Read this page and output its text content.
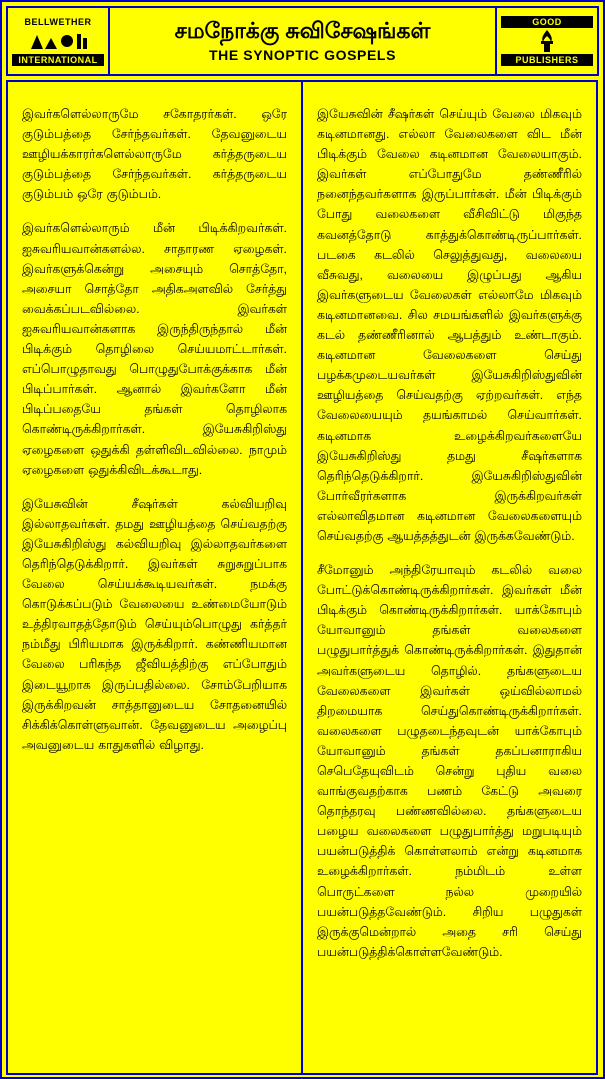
BELLWETHER
INTERNATIONAL
சமநோக்கு சுவிசேஷங்கள்
THE SYNOPTIC GOSPELS
GOOD
PUBLISHERS

இவர்களெல்லாருமே சகோதரர்கள். ஒரே குடும்பத்தை சேர்ந்தவர்கள். தேவனுடைய ஊழியக்காரர்களெல்லாருமே கர்த்தருடைய குடும்பத்தை சேர்ந்தவர்கள். கர்த்தருடைய குடும்பம் ஒரே குடும்பம்.

இவர்களெல்லாரும் மீன் பிடிக்கிறவர்கள். ஐசுவரியவான்களல்ல. சாதாரண ஏழைகள். இவர்களுக்கென்று அசையும் சொத்தோ, அசையா சொத்தோ அதிகஅளவில் சேர்த்து வைக்கப்படவில்லை. இவர்கள் ஐசுவரியவான்களாக இருந்திருந்தால் மீன் பிடிக்கும் தொழிலை செய்யமாட்டார்கள். எப்பொழுதாவது பொழுதுபோக்குக்காக மீன் பிடிப்பார்கள். ஆனால் இவர்களோ மீன் பிடிப்பதையே தங்கள் தொழிலாக கொண்டிருக்கிறார்கள். இயேசுகிறிஸ்து ஏழைகளை ஒதுக்கி தள்ளிவிடவில்லை. நாமும் ஏழைகளை ஒதுக்கிவிடக்கூடாது.

இயேசுவின் சீஷர்கள் கல்வியறிவு இல்லாதவர்கள். தமது ஊழியத்தை செய்வதற்கு இயேசுகிறிஸ்து கல்வியறிவு இல்லாதவர்களை தெரிந்தெடுக்கிறார். இவர்கள் சுறுசுறுப்பாக வேலை செய்யக்கூடியவர்கள். நமக்கு கொடுக்கப்படும் வேலையை உண்மையோடும் உத்திரவாதத்தோடும் செய்யும்பொழுது கர்த்தர் நம்மீது பிரியமாக இருக்கிறார். கண்ணியமான வேலை பரிகந்த ஜீவியத்திற்கு எப்போதும் இடையூறாக இருப்பதில்லை. சோம்பேறியாக இருக்கிறவன் சாத்தானுடைய சோதனையில் சிக்கிக்கொள்ளுவான். தேவனுடைய அழைப்பு அவனுடைய காதுகளில் விழாது.

இயேசுவின் சீஷர்கள் செய்யும் வேலை மிகவும் கடினமானது. எல்லா வேலைகளை விட மீன் பிடிக்கும் வேலை கடினமான வேலையாகும். இவர்கள் எப்போதுமே தண்ணீரில் நனைந்தவர்களாக இருப்பார்கள். மீன் பிடிக்கும் போது வலைகளை வீசிவிட்டு மிகுந்த கவனத்தோடு காத்துக்கொண்டிருப்பார்கள். படகை கடலில் செலுத்துவது, வலையை வீசுவது, வலையை இழுப்பது ஆகிய இவர்களுடைய வேலைகள் எல்லாமே மிகவும் கடினமானவை. சில சமயங்களில் இவர்களுக்கு கடல் தண்ணீரினால் ஆபத்தும் உண்டாகும். கடினமான வேலைகளை செய்து பழக்கமுடையவர்கள் இயேசுகிறிஸ்துவின் ஊழியத்தை செய்வதற்கு ஏற்றவர்கள். எந்த வேலையையும் தயங்காமல் செய்வார்கள். கடினமாக உழைக்கிறவர்களையே இயேசுகிறிஸ்து தமது சீஷர்களாக தெரிந்தெடுக்கிறார். இயேசுகிறிஸ்துவின் போர்வீரர்களாக இருக்கிறவர்கள் எல்லாவிதமான கடினமான வேலைகளையும் செய்வதற்கு ஆயத்தத்துடன் இருக்கவேண்டும்.

சீமோனும் அந்திரேயாவும் கடலில் வலை போட்டுக்கொண்டிருக்கிறார்கள். இவர்கள் மீன் பிடிக்கும் கொண்டிருக்கிறார்கள். யாக்கோபும் யோவானும் தங்கள் வலைகளை பழுதுபார்த்துக் கொண்டிருக்கிறார்கள். இதுதான் அவர்களுடைய தொழில். தங்களுடைய வேலைகளை இவர்கள் ஒய்வில்லாமல் திறமையாக செய்துகொண்டிருக்கிறார்கள். வலைகளை பழுதடைந்தவுடன் யாக்கோபும் யோவானும் தங்கள் தகப்பனாராகிய செபெதேயுவிடம் சென்று புதிய வலை வாங்குவதற்காக பணம் கேட்டு அவரை தொந்தரவு பண்ணவில்லை. தங்களுடைய பழைய வலைகளை பழுதுபார்த்து மறுபடியும் பயன்படுத்திக் கொள்ளலாம் என்று கடினமாக உழைக்கிறார்கள். நம்மிடம் உள்ள பொருட்களை நல்ல முறையில் பயன்படுத்தவேண்டும். சிறிய பழுதுகள் இருக்குமென்றால் அதை சரி செய்து பயன்படுத்திக்கொள்ளவேண்டும்.
